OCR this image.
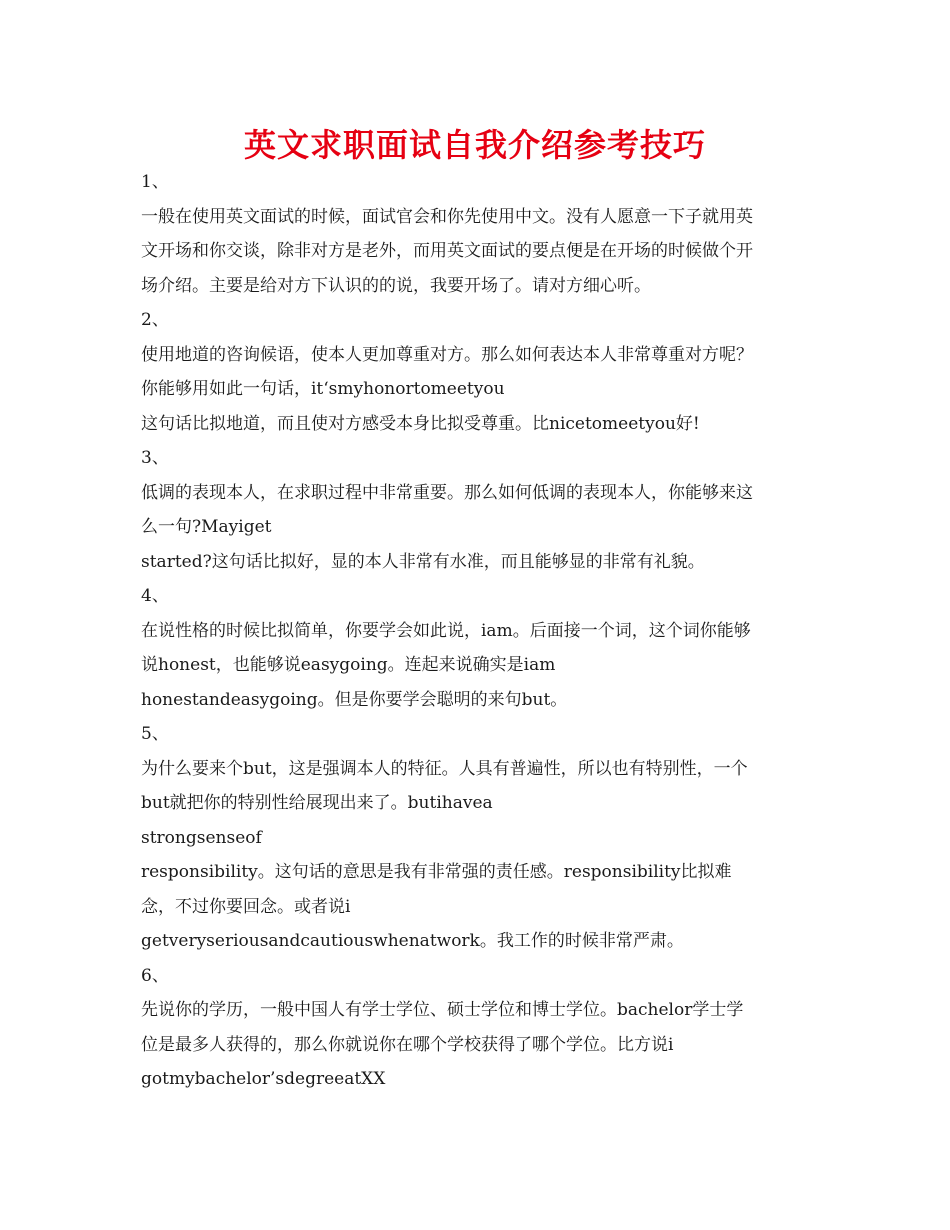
英文求职面试自我介绍参考技巧
1、
一般在使用英文面试的时候，面试官会和你先使用中文。没有人愿意一下子就用英
文开场和你交谈，除非对方是老外，而用英文面试的要点便是在开场的时候做个开
场介绍。主要是给对方下认识的的说，我要开场了。请对方细心听。
2、
使用地道的咨询候语，使本人更加尊重对方。那么如何表达本人非常尊重对方呢？
你能够用如此一句话，it‘smyhonortomeetyou
这句话比拟地道，而且使对方感受本身比拟受尊重。比nicetomeetyou好!
3、
低调的表现本人，在求职过程中非常重要。那么如何低调的表现本人，你能够来这
么一句?Mayiget
started?这句话比拟好，显的本人非常有水准，而且能够显的非常有礼貌。
4、
在说性格的时候比拟简单，你要学会如此说，iam。后面接一个词，这个词你能够
说honest，也能够说easygoing。连起来说确实是iam
honestandeasygoing。但是你要学会聪明的来句but。
5、
为什么要来个but，这是强调本人的特征。人具有普遍性，所以也有特别性，一个
but就把你的特别性给展现出来了。butihavea
strongsenseof
responsibility。这句话的意思是我有非常强的责任感。responsibility比拟难
念，不过你要回念。或者说i
getveryseriousandcautiouswhenatwork。我工作的时候非常严肃。
6、
先说你的学历，一般中国人有学士学位、硕士学位和博士学位。bachelor学士学
位是最多人获得的，那么你就说你在哪个学校获得了哪个学位。比方说i
gotmybachelor’sdegreeatXX
